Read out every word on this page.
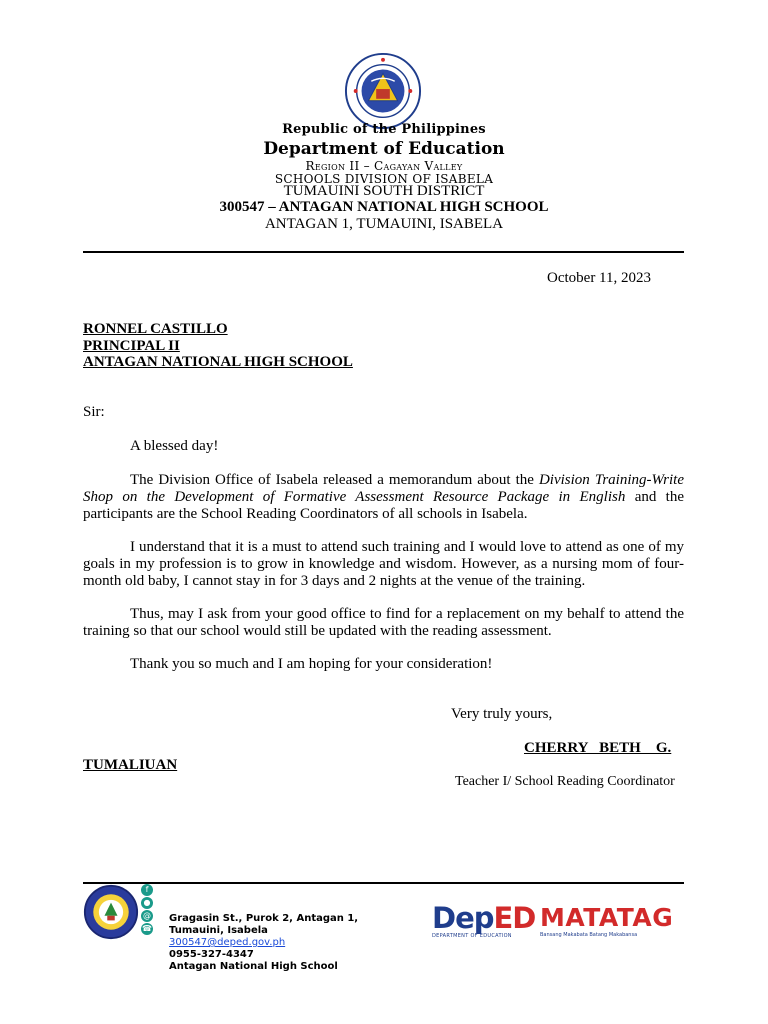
Republic of the Philippines
Department of Education
Region II – Cagayan Valley
SCHOOLS DIVISION OF ISABELA
TUMAUINI SOUTH DISTRICT
300547 – ANTAGAN NATIONAL HIGH SCHOOL
ANTAGAN 1, TUMAUINI, ISABELA
October 11, 2023
RONNEL CASTILLO
PRINCIPAL II
ANTAGAN NATIONAL HIGH SCHOOL
Sir:
A blessed day!
The Division Office of Isabela released a memorandum about the Division Training-Write Shop on the Development of Formative Assessment Resource Package in English and the participants are the School Reading Coordinators of all schools in Isabela.
I understand that it is a must to attend such training and I would love to attend as one of my goals in my profession is to grow in knowledge and wisdom. However, as a nursing mom of four-month old baby, I cannot stay in for 3 days and 2 nights at the venue of the training.
Thus, may I ask from your good office to find for a replacement on my behalf to attend the training so that our school would still be updated with the reading assessment.
Thank you so much and I am hoping for your consideration!
Very truly yours,
CHERRY   BETH    G.
TUMALIUAN
Teacher I/ School Reading Coordinator
f
●
@
☎
Gragasin St., Purok 2, Antagan 1,
Tumauini, Isabela
300547@deped.gov.ph
0955-327-4347
Antagan National High School
DepED
DEPARTMENT OF EDUCATION
MATATAG
Bansang Makabata Batang Makabansa
